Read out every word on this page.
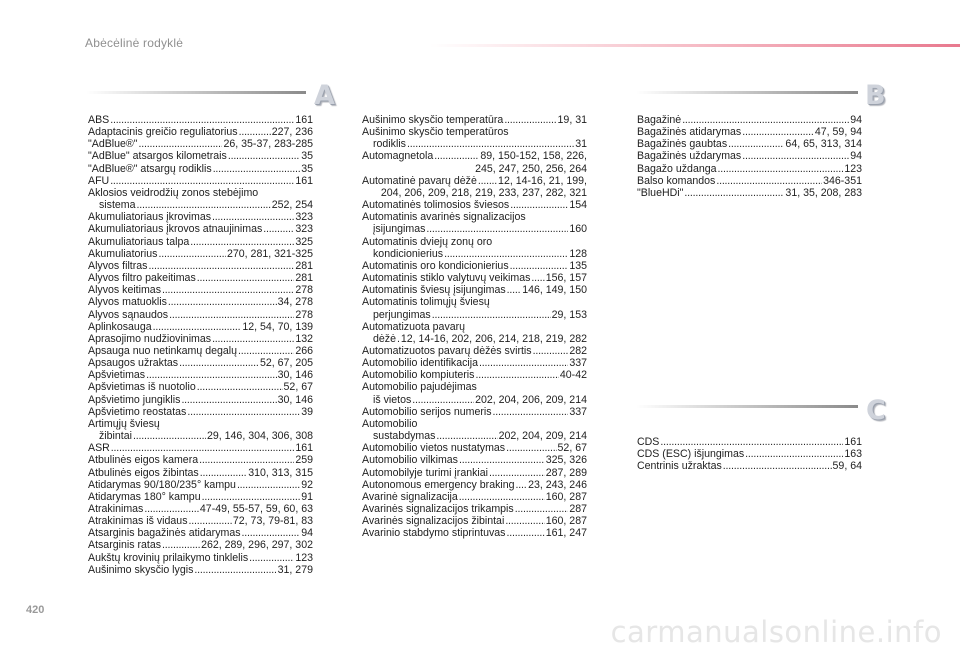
Abėcėlinė rodyklė
A	B
C
ABS .....	161
Adaptacinis greičio reguliatorius .....	227, 236
"AdBlue®" .....	26, 35-37, 283-285
"AdBlue" atsargos kilometrais .....	35
"AdBlue®" atsargų rodiklis .....	35
AFU .....	161
Aklosios veidrodžių zonos stebėjimo
sistema .....	252, 254
Akumuliatoriaus įkrovimas .....	323
Akumuliatoriaus įkrovos atnaujinimas .....	323
Akumuliatoriaus talpa .....	325
Akumuliatorius .....	270, 281, 321-325
Alyvos filtras .....	281
Alyvos filtro pakeitimas .....	281
Alyvos keitimas .....	278
Alyvos matuoklis .....	34, 278
Alyvos sąnaudos .....	278
Aplinkosauga .....	12, 54, 70, 139
Aprasojimo nudžiovinimas .....	132
Apsauga nuo netinkamų degalų .....	266
Apsaugos užraktas .....	52, 67, 205
Apšvietimas .....	30, 146
Apšvietimas iš nuotolio .....	52, 67
Apšvietimo jungiklis .....	30, 146
Apšvietimo reostatas .....	39
Artimųjų šviesų
žibintai .....	29, 146, 304, 306, 308
ASR .....	161
Atbulinės eigos kamera .....	259
Atbulinės eigos žibintas .....	310, 313, 315
Atidarymas 90/180/235° kampu .....	92
Atidarymas 180° kampu .....	91
Atrakinimas .....	47-49, 55-57, 59, 60, 63
Atrakinimas iš vidaus .....	72, 73, 79-81, 83
Atsarginis bagažinės atidarymas .....	94
Atsarginis ratas .....	262, 289, 296, 297, 302
Aukštų krovinių prilaikymo tinklelis .....	123
Aušinimo skysčio lygis .....	31, 279
Aušinimo skysčio temperatūra .....	19, 31
Aušinimo skysčio temperatūros
rodiklis .....	31
Automagnetola .....	89, 150-152, 158, 226,
245, 247, 250, 256, 264
Automatinė pavarų dėžė ..... 12, 14-16, 21, 199,
204, 206, 209, 218, 219, 233, 237, 282, 321
Automatinės tolimosios šviesos .....	154
Automatinis avarinės signalizacijos
įsijungimas .....	160
Automatinis dviejų zonų oro
kondicionierius .....	128
Automatinis oro kondicionierius .....	135
Automatinis stiklo valytuvų veikimas ..... 156, 157
Automatinis šviesų įsijungimas ..... 146, 149, 150
Automatinis tolimųjų šviesų
perjungimas .....	29, 153
Automatizuota pavarų
dėžė ..... 12, 14-16, 202, 206, 214, 218, 219, 282
Automatizuotos pavarų dėžės svirtis .....	282
Automobilio identifikacija .....	337
Automobilio kompiuteris .....	40-42
Automobilio pajudėjimas
iš vietos .....	202, 204, 206, 209, 214
Automobilio serijos numeris .....	337
Automobilio
sustabdymas .....	202, 204, 209, 214
Automobilio vietos nustatymas .....	52, 67
Automobilio vilkimas .....	325, 326
Automobilyje turimi įrankiai .....	287, 289
Autonomous emergency braking ..... 23, 243, 246
Avarinė signalizacija .....	160, 287
Avarinės signalizacijos trikampis .....	287
Avarinės signalizacijos žibintai .....	160, 287
Avarinio stabdymo stiprintuvas .....	161, 247
Bagažinė .....	94
Bagažinės atidarymas .....	47, 59, 94
Bagažinės gaubtas .....	64, 65, 313, 314
Bagažinės uždarymas .....	94
Bagažo uždanga .....	123
Balso komandos .....	346-351
"BlueHDi" .....	31, 35, 208, 283
CDS .....	161
CDS (ESC) išjungimas .....	163
Centrinis užraktas .....	59, 64
420
carmanualsonline.info
